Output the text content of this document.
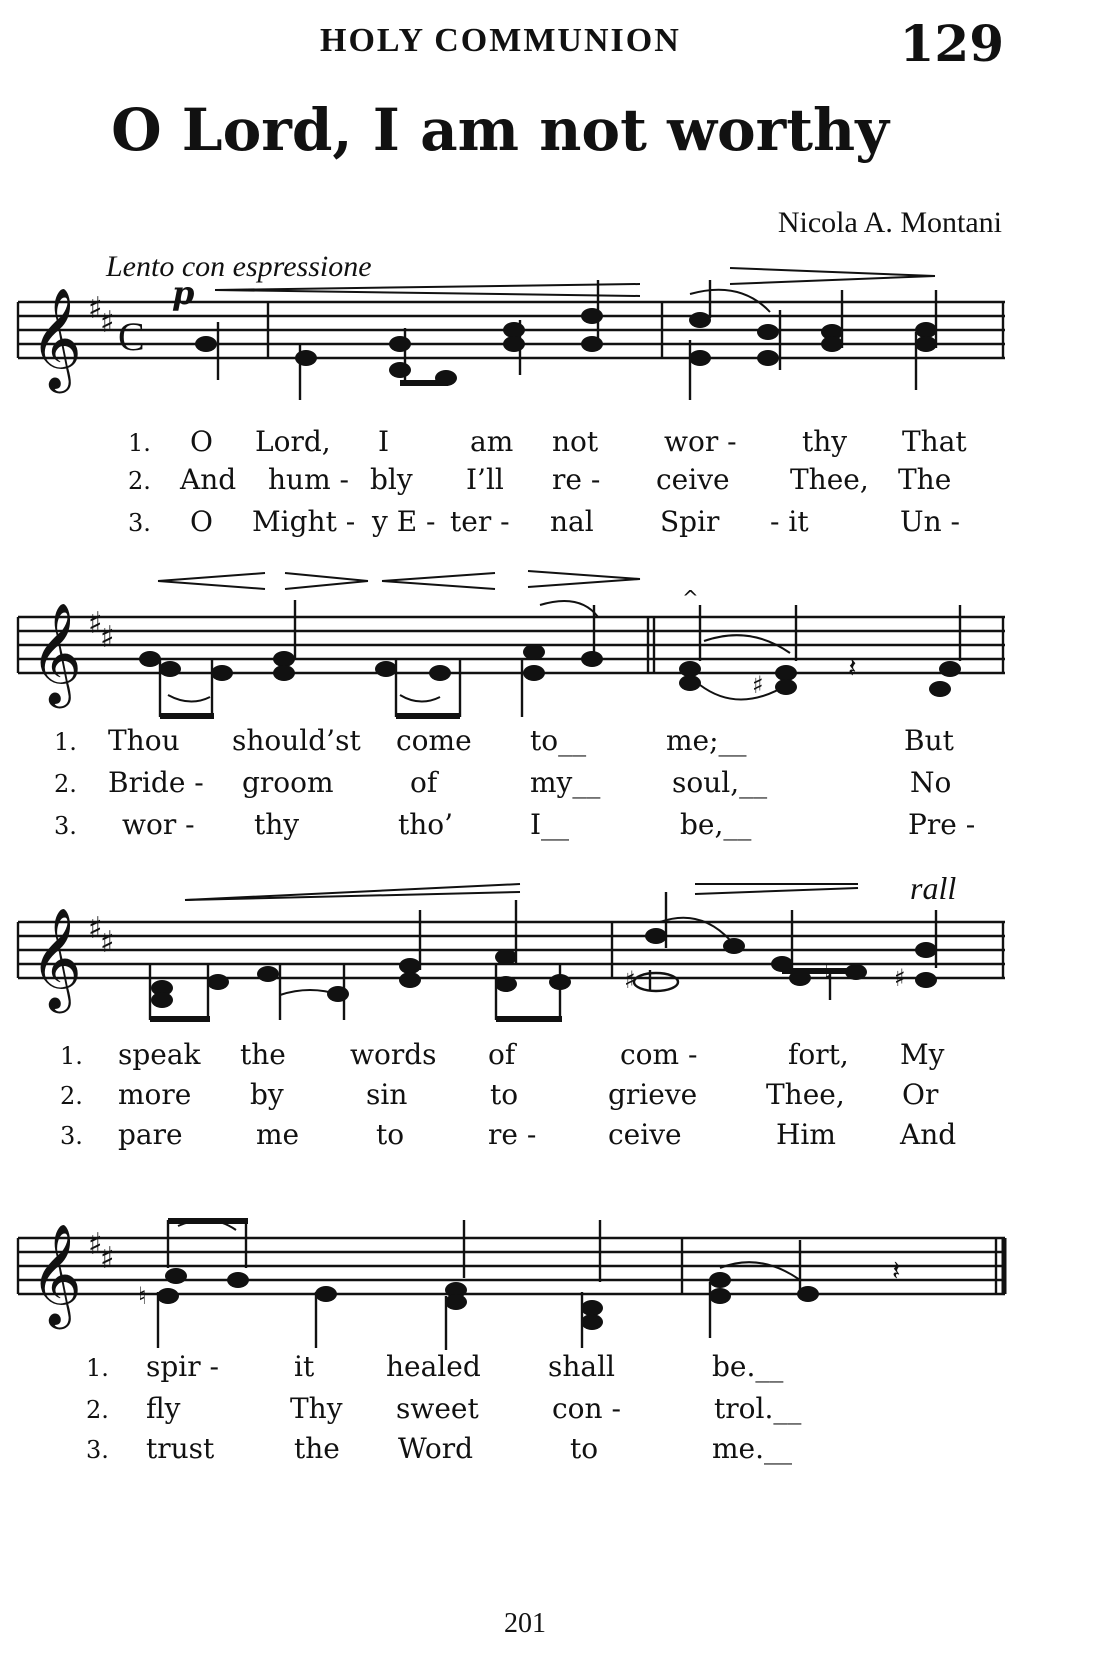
HOLY COMMUNION	129
O Lord, I am not worthy
Nicola A. Montani
Lento con espressione
rall
𝄞 ♯
♯ C
p
1. O Lord, I	am not wor - thy That
2. And hum - bly I’ll re - ceive Thee, The
3. O Might - y E - ter - nal Spir - it	Un -
𝄞 ♯
♯
♯
𝄽
^
1. Thou should’st come to__	me;__	But
2. Bride - groom	of	my__	soul,__	No
3. wor - thy	tho’	I__	be,__	Pre -
𝄞 ♯
♯
♯	♯
1. speak the words of	com -	fort, My
2. more by	sin	to	grieve Thee, Or
3. pare	me	to	re -	ceive	Him And
𝄞 ♯
♯
♮
𝄽
1. spir -	it	healed shall	be.__
2. fly	Thy sweet	con -	trol.__
3. trust	the Word	to	me.__
201
